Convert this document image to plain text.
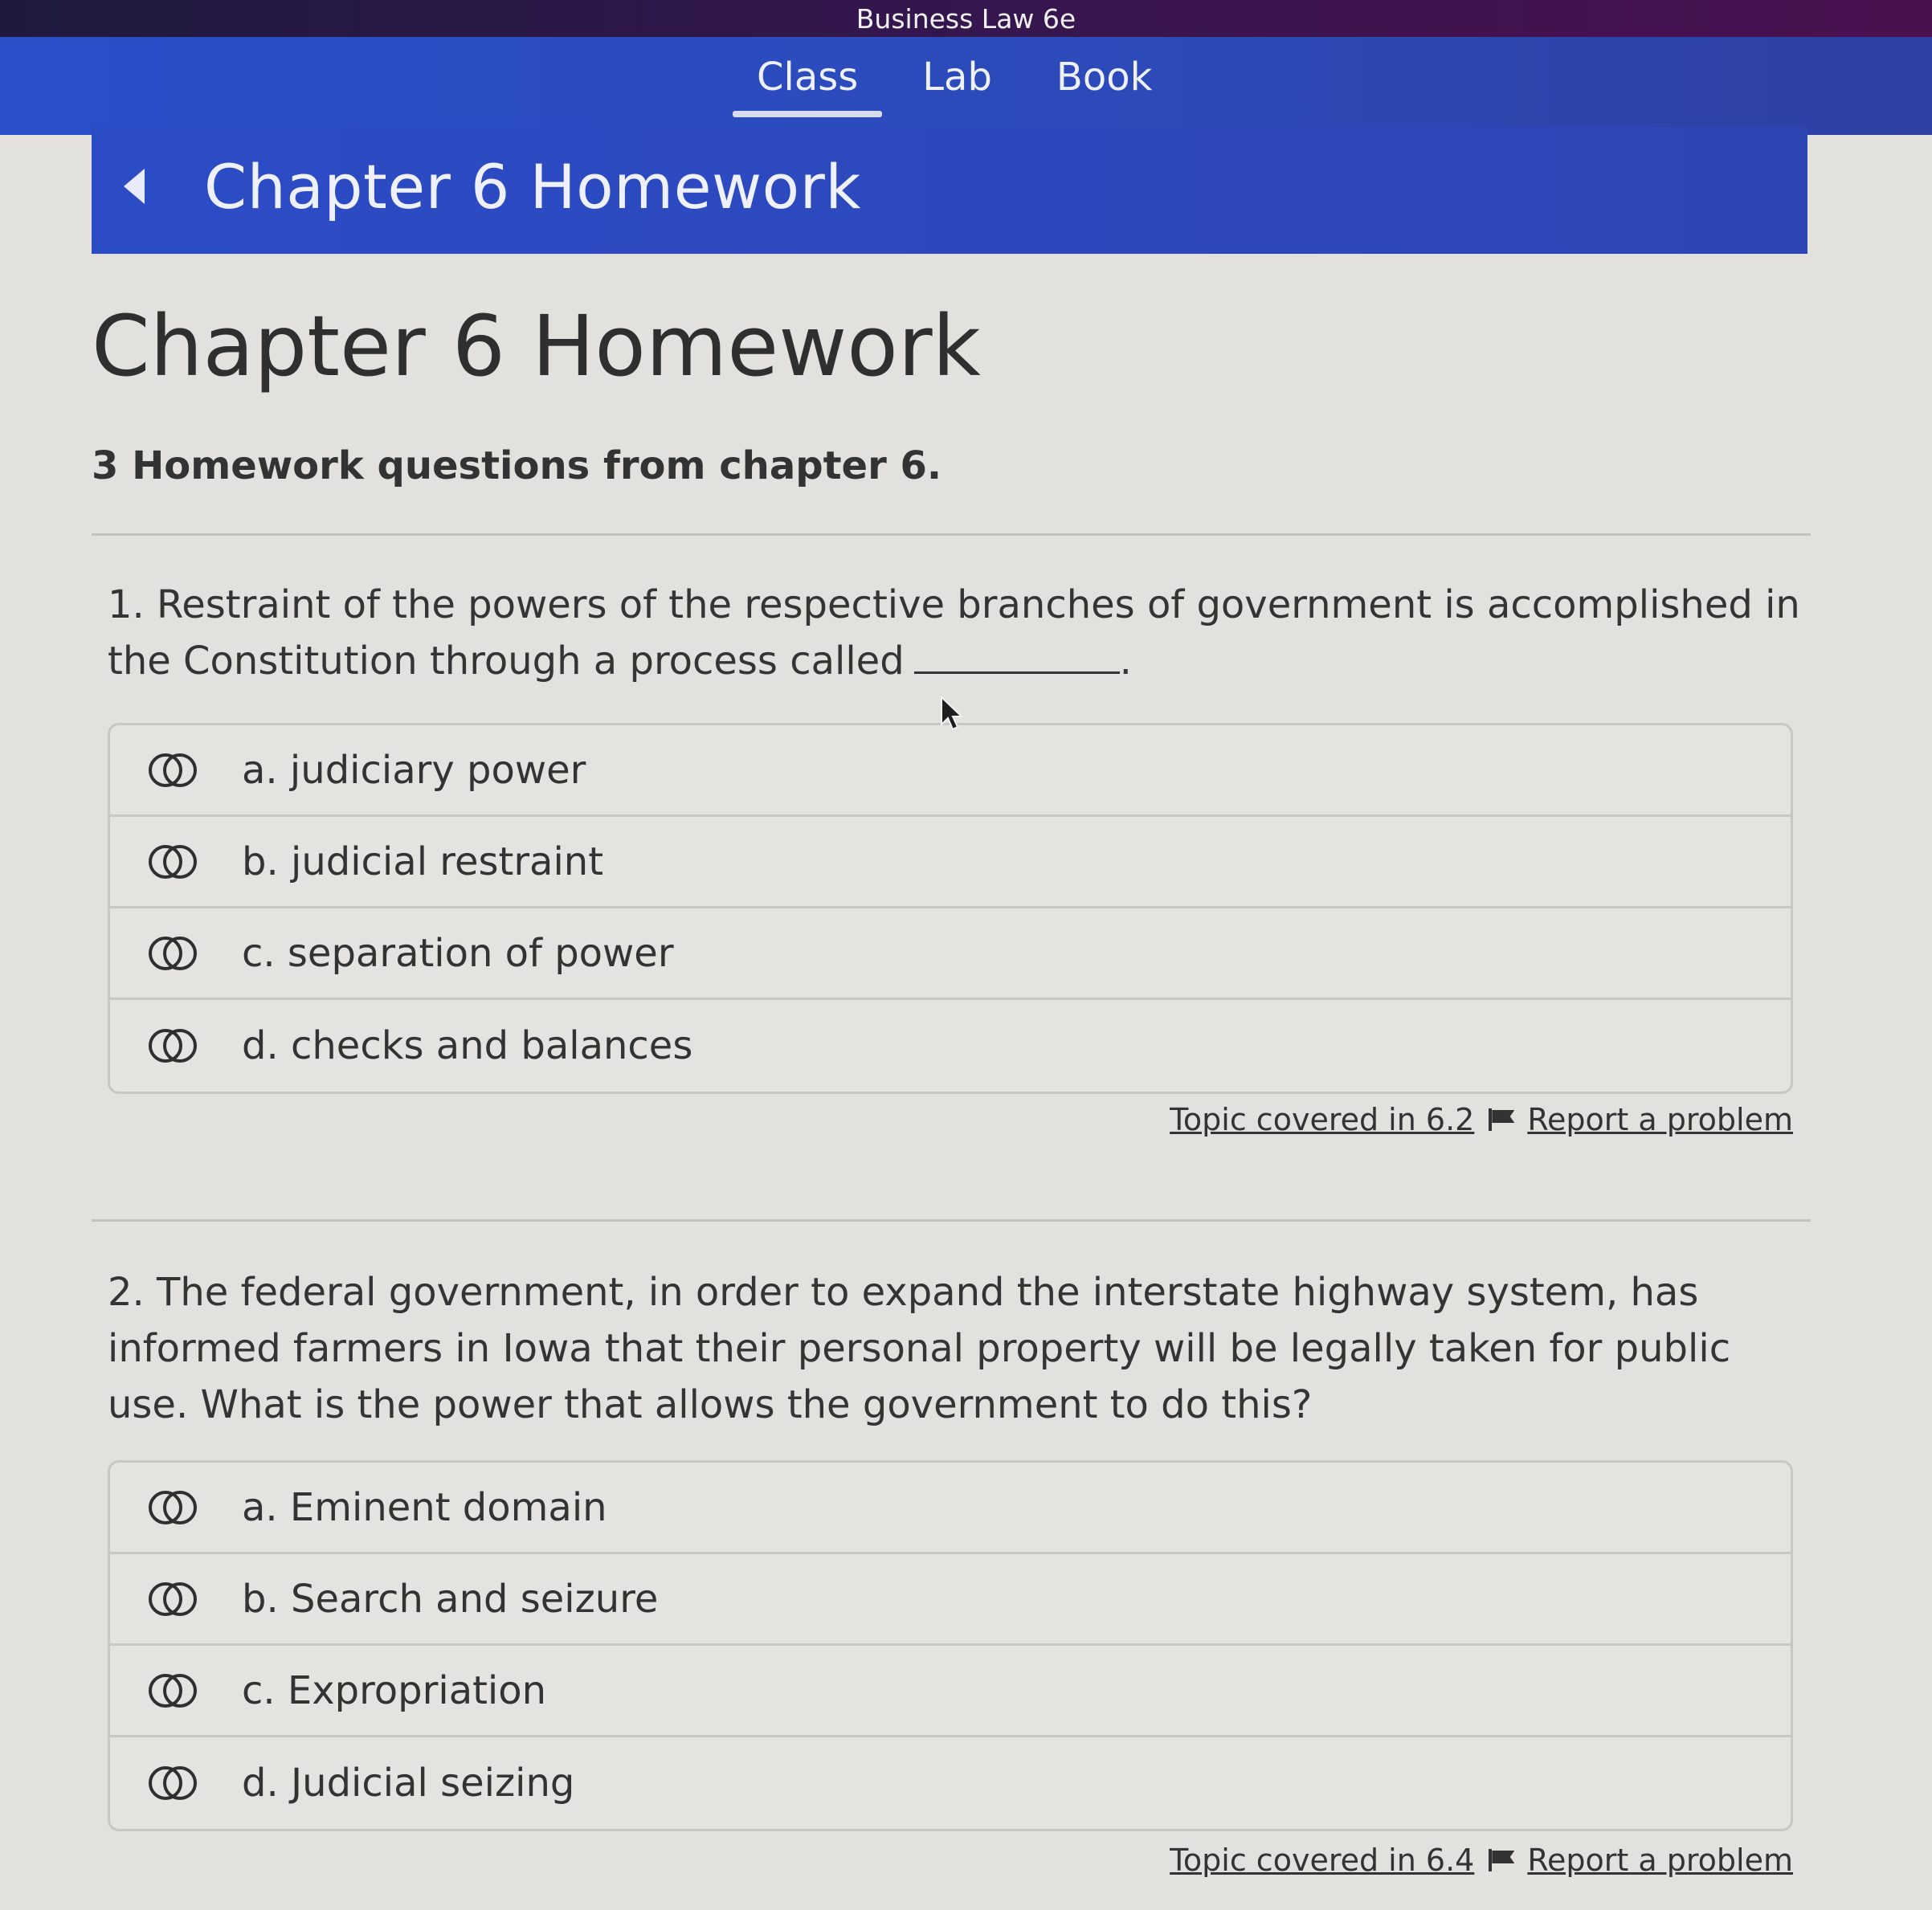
Business Law 6e
Class	Lab	Book
Chapter 6 Homework
Chapter 6 Homework
3 Homework questions from chapter 6.
1. Restraint of the powers of the respective branches of government is accomplished in the Constitution through a process called	.
a. judiciary power
b. judicial restraint
c. separation of power
d. checks and balances
Topic covered in 6.2 Report a problem
2. The federal government, in order to expand the interstate highway system, has informed farmers in Iowa that their personal property will be legally taken for public use. What is the power that allows the government to do this?
a. Eminent domain
b. Search and seizure
c. Expropriation
d. Judicial seizing
Topic covered in 6.4 Report a problem
